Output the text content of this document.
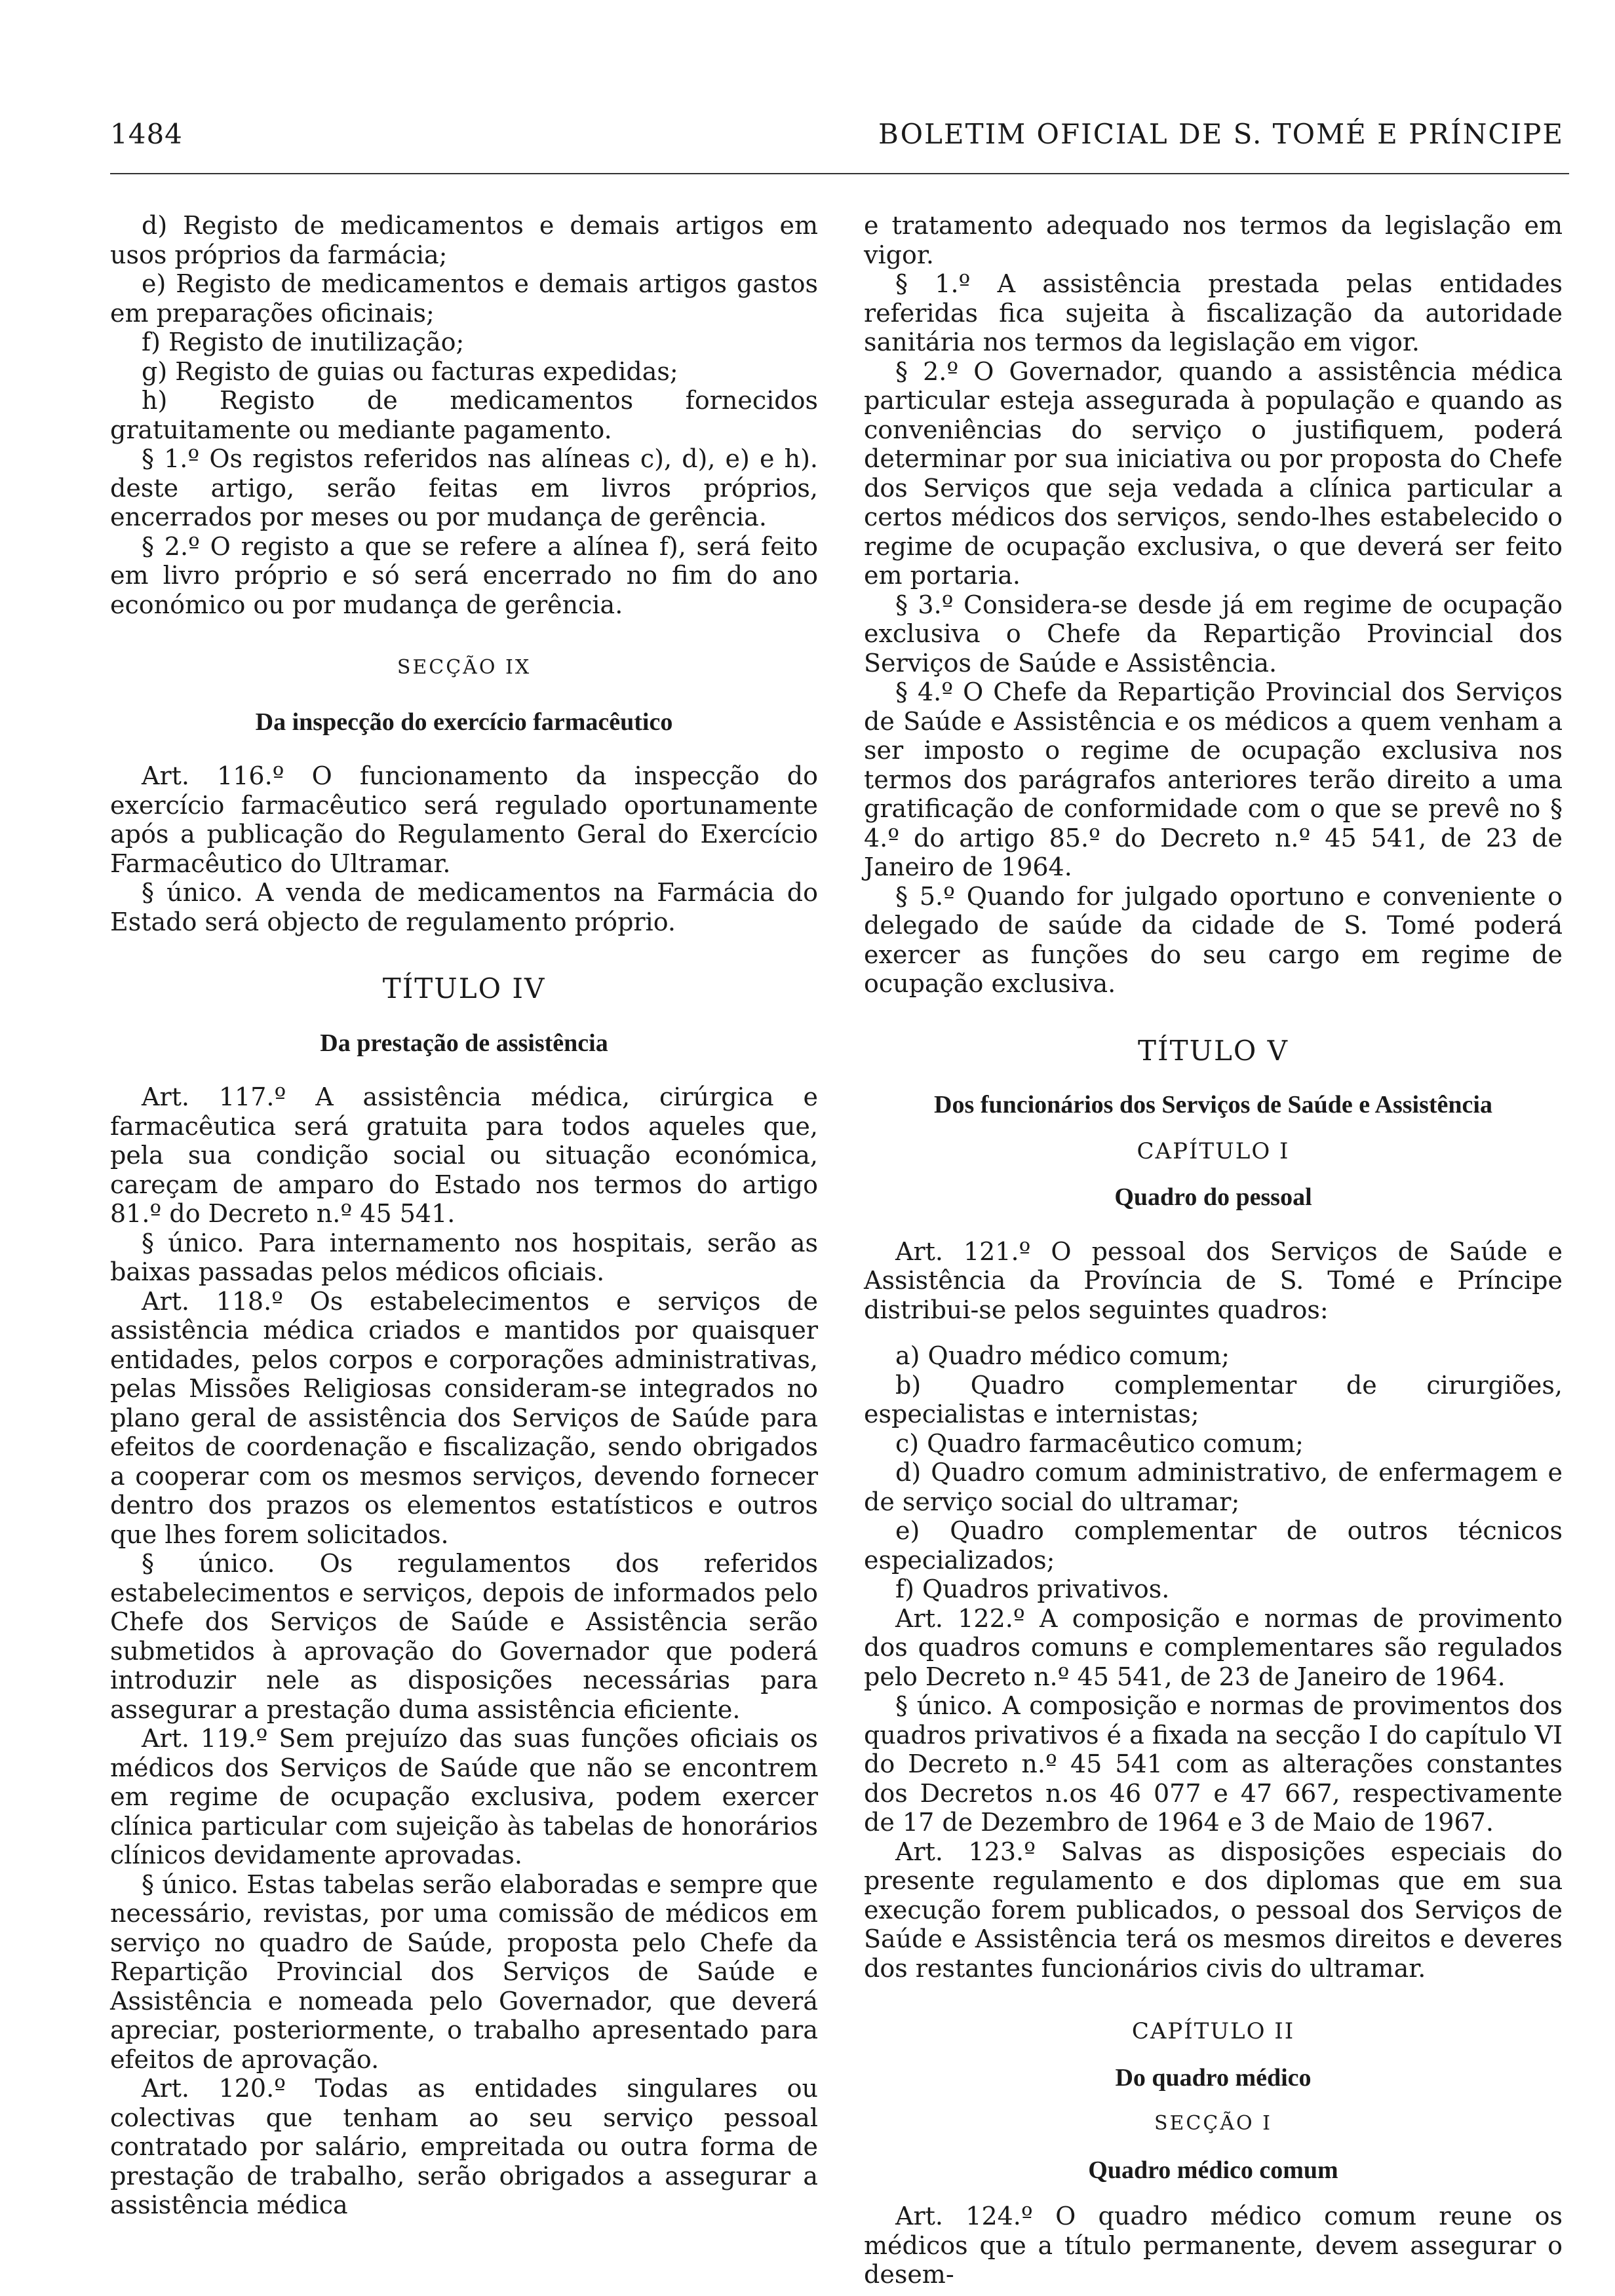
1484	BOLETIM OFICIAL DE S. TOMÉ E PRÍNCIPE

d) Registo de medicamentos e demais artigos em usos próprios da farmácia;

e) Registo de medicamentos e demais artigos gastos em preparações oficinais;

f) Registo de inutilização;

g) Registo de guias ou facturas expedidas;

h) Registo de medicamentos fornecidos gratuitamente ou mediante pagamento.

§ 1.º Os registos referidos nas alíneas c), d), e) e h). deste artigo, serão feitas em livros próprios, encerrados por meses ou por mudança de gerência.

§ 2.º O registo a que se refere a alínea f), será feito em livro próprio e só será encerrado no fim do ano económico ou por mudança de gerência.

SECÇÃO IX

Da inspecção do exercício farmacêutico

Art. 116.º O funcionamento da inspecção do exercício farmacêutico será regulado oportunamente após a publicação do Regulamento Geral do Exercício Farmacêutico do Ultramar.

§ único. A venda de medicamentos na Farmácia do Estado será objecto de regulamento próprio.

TÍTULO IV

Da prestação de assistência

Art. 117.º A assistência médica, cirúrgica e farmacêutica será gratuita para todos aqueles que, pela sua condição social ou situação económica, careçam de amparo do Estado nos termos do artigo 81.º do Decreto n.º 45 541.

§ único. Para internamento nos hospitais, serão as baixas passadas pelos médicos oficiais.

Art. 118.º Os estabelecimentos e serviços de assistência médica criados e mantidos por quaisquer entidades, pelos corpos e corporações administrativas, pelas Missões Religiosas consideram-se integrados no plano geral de assistência dos Serviços de Saúde para efeitos de coordenação e fiscalização, sendo obrigados a cooperar com os mesmos serviços, devendo fornecer dentro dos prazos os elementos estatísticos e outros que lhes forem solicitados.

§ único. Os regulamentos dos referidos estabelecimentos e serviços, depois de informados pelo Chefe dos Serviços de Saúde e Assistência serão submetidos à aprovação do Governador que poderá introduzir nele as disposições necessárias para assegurar a prestação duma assistência eficiente.

Art. 119.º Sem prejuízo das suas funções oficiais os médicos dos Serviços de Saúde que não se encontrem em regime de ocupação exclusiva, podem exercer clínica particular com sujeição às tabelas de honorários clínicos devidamente aprovadas.

§ único. Estas tabelas serão elaboradas e sempre que necessário, revistas, por uma comissão de médicos em serviço no quadro de Saúde, proposta pelo Chefe da Repartição Provincial dos Serviços de Saúde e Assistência e nomeada pelo Governador, que deverá apreciar, posteriormente, o trabalho apresentado para efeitos de aprovação.

Art. 120.º Todas as entidades singulares ou colectivas que tenham ao seu serviço pessoal contratado por salário, empreitada ou outra forma de prestação de trabalho, serão obrigados a assegurar a assistência médica

e tratamento adequado nos termos da legislação em vigor.

§ 1.º A assistência prestada pelas entidades referidas fica sujeita à fiscalização da autoridade sanitária nos termos da legislação em vigor.

§ 2.º O Governador, quando a assistência médica particular esteja assegurada à população e quando as conveniências do serviço o justifiquem, poderá determinar por sua iniciativa ou por proposta do Chefe dos Serviços que seja vedada a clínica particular a certos médicos dos serviços, sendo-lhes estabelecido o regime de ocupação exclusiva, o que deverá ser feito em portaria.

§ 3.º Considera-se desde já em regime de ocupação exclusiva o Chefe da Repartição Provincial dos Serviços de Saúde e Assistência.

§ 4.º O Chefe da Repartição Provincial dos Serviços de Saúde e Assistência e os médicos a quem venham a ser imposto o regime de ocupação exclusiva nos termos dos parágrafos anteriores terão direito a uma gratificação de conformidade com o que se prevê no § 4.º do artigo 85.º do Decreto n.º 45 541, de 23 de Janeiro de 1964.

§ 5.º Quando for julgado oportuno e conveniente o delegado de saúde da cidade de S. Tomé poderá exercer as funções do seu cargo em regime de ocupação exclusiva.

TÍTULO V

Dos funcionários dos Serviços de Saúde e Assistência

CAPÍTULO I

Quadro do pessoal

Art. 121.º O pessoal dos Serviços de Saúde e Assistência da Província de S. Tomé e Príncipe distribui-se pelos seguintes quadros:

a) Quadro médico comum;

b) Quadro complementar de cirurgiões, especialistas e internistas;

c) Quadro farmacêutico comum;

d) Quadro comum administrativo, de enfermagem e de serviço social do ultramar;

e) Quadro complementar de outros técnicos especializados;

f) Quadros privativos.

Art. 122.º A composição e normas de provimento dos quadros comuns e complementares são regulados pelo Decreto n.º 45 541, de 23 de Janeiro de 1964.

§ único. A composição e normas de provimentos dos quadros privativos é a fixada na secção I do capítulo VI do Decreto n.º 45 541 com as alterações constantes dos Decretos n.os 46 077 e 47 667, respectivamente de 17 de Dezembro de 1964 e 3 de Maio de 1967.

Art. 123.º Salvas as disposições especiais do presente regulamento e dos diplomas que em sua execução forem publicados, o pessoal dos Serviços de Saúde e Assistência terá os mesmos direitos e deveres dos restantes funcionários civis do ultramar.

CAPÍTULO II

Do quadro médico

SECÇÃO I

Quadro médico comum

Art. 124.º O quadro médico comum reune os médicos que a título permanente, devem assegurar o desem-
